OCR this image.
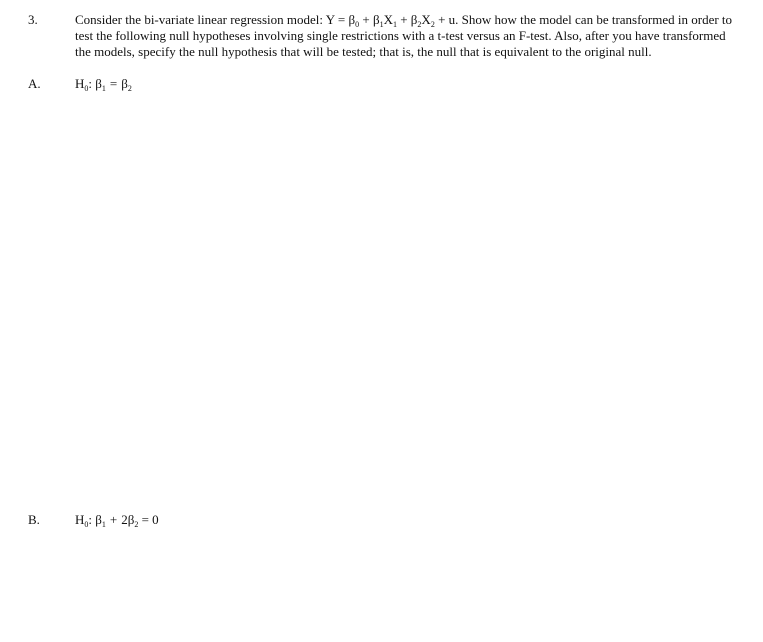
3.	Consider the bi-variate linear regression model: $Y = \beta_0 + \beta_1X_1 + \beta_2X_2 + u$. Show how the model can be transformed in order to
test the following null hypotheses involving single restrictions with a t-test versus an F-test. Also, after you have transformed
the models, specify the null hypothesis that will be tested; that is, the null that is equivalent to the original null.
A.	$H_0$: $\beta_1 = \beta_2$
B.	$H_0$: $\beta_1 + 2\beta_2 = 0$
